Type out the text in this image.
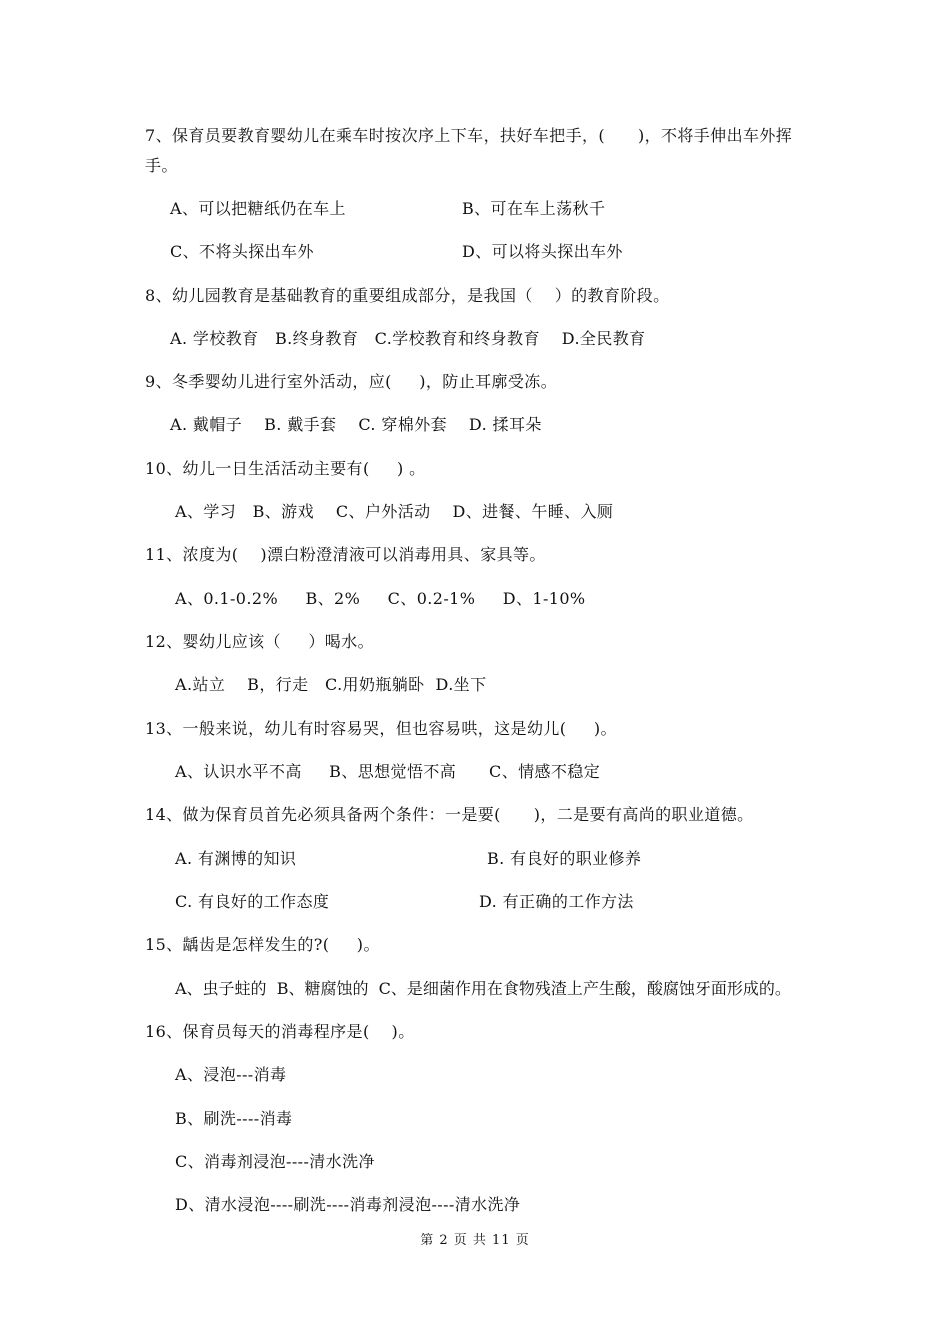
7、保育员要教育婴幼儿在乘车时按次序上下车，扶好车把手，(      )，不将手伸出车外挥
手。
A、可以把糖纸仍在车上	B、可在车上荡秋千
C、不将头探出车外	D、可以将头探出车外
8、幼儿园教育是基础教育的重要组成部分，是我国（    ）的教育阶段。
A. 学校教育   B.终身教育   C.学校教育和终身教育    D.全民教育
9、冬季婴幼儿进行室外活动，应(     )，防止耳廓受冻。
A. 戴帽子    B. 戴手套    C. 穿棉外套    D. 揉耳朵
10、幼儿一日生活活动主要有(     ) 。
A、学习   B、游戏    C、户外活动    D、进餐、午睡、入厕
11、浓度为(    )漂白粉澄清液可以消毒用具、家具等。
A、0.1-0.2%     B、2%     C、0.2-1%     D、1-10%
12、婴幼儿应该（     ）喝水。
A.站立    B，行走   C.用奶瓶躺卧  D.坐下
13、一般来说，幼儿有时容易哭，但也容易哄，这是幼儿(     )。
A、认识水平不高     B、思想觉悟不高      C、情感不稳定
14、做为保育员首先必须具备两个条件：一是要(      )，二是要有高尚的职业道德。
A. 有渊博的知识	B. 有良好的职业修养
C. 有良好的工作态度	D. 有正确的工作方法
15、龋齿是怎样发生的?(     )。
A、虫子蛀的  B、糖腐蚀的  C、是细菌作用在食物残渣上产生酸，酸腐蚀牙面形成的。
16、保育员每天的消毒程序是(    )。
A、浸泡---消毒
B、刷洗----消毒
C、消毒剂浸泡----清水洗净
D、清水浸泡----刷洗----消毒剂浸泡----清水洗净
第 2 页 共 11 页
